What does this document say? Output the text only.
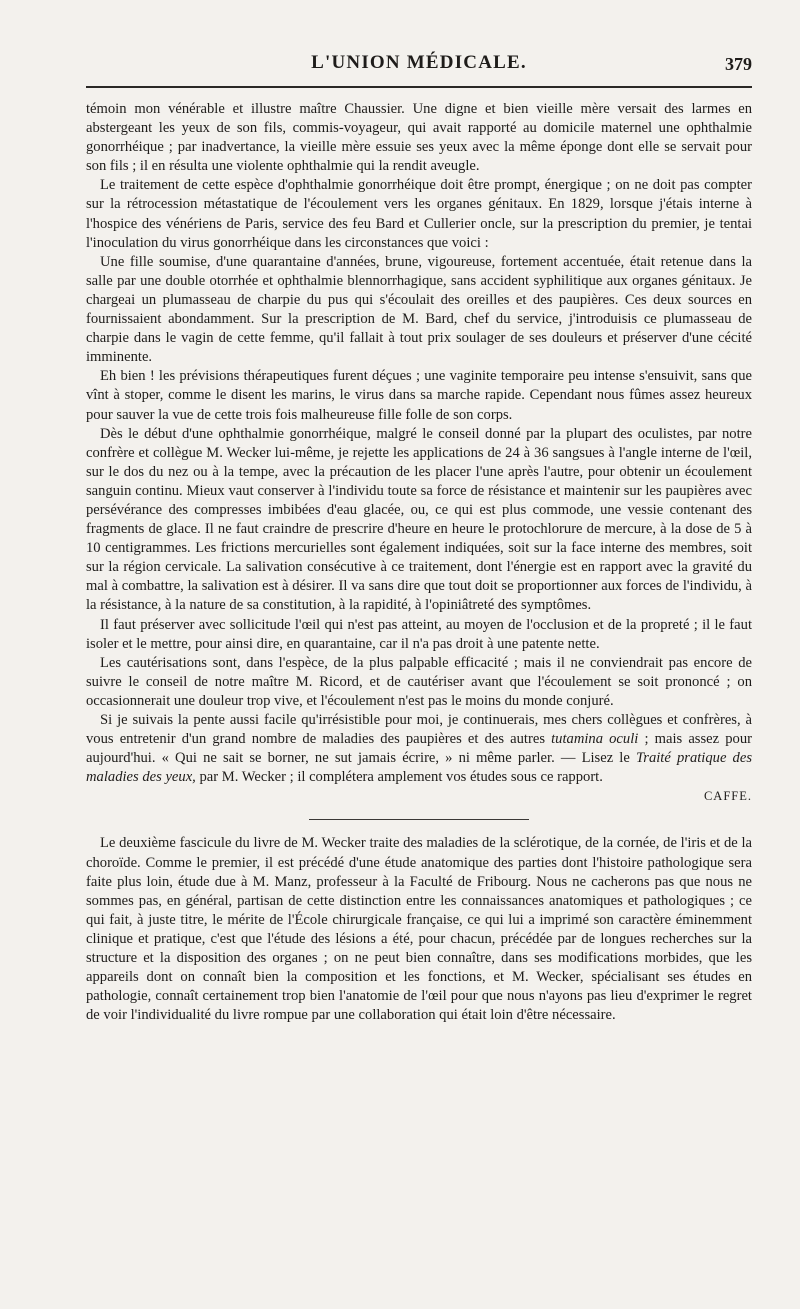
L'UNION MÉDICALE.	379

témoin mon vénérable et illustre maître Chaussier. Une digne et bien vieille mère versait des larmes en abstergeant les yeux de son fils, commis-voyageur, qui avait rapporté au domicile maternel une ophthalmie gonorrhéique ; par inadvertance, la vieille mère essuie ses yeux avec la même éponge dont elle se servait pour son fils ; il en résulta une violente ophthalmie qui la rendit aveugle.

Le traitement de cette espèce d'ophthalmie gonorrhéique doit être prompt, énergique ; on ne doit pas compter sur la rétrocession métastatique de l'écoulement vers les organes génitaux. En 1829, lorsque j'étais interne à l'hospice des vénériens de Paris, service des feu Bard et Cullerier oncle, sur la prescription du premier, je tentai l'inoculation du virus gonorrhéique dans les circonstances que voici :

Une fille soumise, d'une quarantaine d'années, brune, vigoureuse, fortement accentuée, était retenue dans la salle par une double otorrhée et ophthalmie blennorrhagique, sans accident syphilitique aux organes génitaux. Je chargeai un plumasseau de charpie du pus qui s'écoulait des oreilles et des paupières. Ces deux sources en fournissaient abondamment. Sur la prescription de M. Bard, chef du service, j'introduisis ce plumasseau de charpie dans le vagin de cette femme, qu'il fallait à tout prix soulager de ses douleurs et préserver d'une cécité imminente.

Eh bien ! les prévisions thérapeutiques furent déçues ; une vaginite temporaire peu intense s'ensuivit, sans que vînt à stoper, comme le disent les marins, le virus dans sa marche rapide. Cependant nous fûmes assez heureux pour sauver la vue de cette trois fois malheureuse fille folle de son corps.

Dès le début d'une ophthalmie gonorrhéique, malgré le conseil donné par la plupart des oculistes, par notre confrère et collègue M. Wecker lui-même, je rejette les applications de 24 à 36 sangsues à l'angle interne de l'œil, sur le dos du nez ou à la tempe, avec la précaution de les placer l'une après l'autre, pour obtenir un écoulement sanguin continu. Mieux vaut conserver à l'individu toute sa force de résistance et maintenir sur les paupières avec persévérance des compresses imbibées d'eau glacée, ou, ce qui est plus commode, une vessie contenant des fragments de glace. Il ne faut craindre de prescrire d'heure en heure le protochlorure de mercure, à la dose de 5 à 10 centigrammes. Les frictions mercurielles sont également indiquées, soit sur la face interne des membres, soit sur la région cervicale. La salivation consécutive à ce traitement, dont l'énergie est en rapport avec la gravité du mal à combattre, la salivation est à désirer. Il va sans dire que tout doit se proportionner aux forces de l'individu, à la résistance, à la nature de sa constitution, à la rapidité, à l'opiniâtreté des symptômes.

Il faut préserver avec sollicitude l'œil qui n'est pas atteint, au moyen de l'occlusion et de la propreté ; il le faut isoler et le mettre, pour ainsi dire, en quarantaine, car il n'a pas droit à une patente nette.

Les cautérisations sont, dans l'espèce, de la plus palpable efficacité ; mais il ne conviendrait pas encore de suivre le conseil de notre maître M. Ricord, et de cautériser avant que l'écoulement se soit prononcé ; on occasionnerait une douleur trop vive, et l'écoulement n'est pas le moins du monde conjuré.

Si je suivais la pente aussi facile qu'irrésistible pour moi, je continuerais, mes chers collègues et confrères, à vous entretenir d'un grand nombre de maladies des paupières et des autres tutamina oculi ; mais assez pour aujourd'hui. « Qui ne sait se borner, ne sut jamais écrire, » ni même parler. — Lisez le Traité pratique des maladies des yeux, par M. Wecker ; il complétera amplement vos études sous ce rapport.

CAFFE.

Le deuxième fascicule du livre de M. Wecker traite des maladies de la sclérotique, de la cornée, de l'iris et de la choroïde. Comme le premier, il est précédé d'une étude anatomique des parties dont l'histoire pathologique sera faite plus loin, étude due à M. Manz, professeur à la Faculté de Fribourg. Nous ne cacherons pas que nous ne sommes pas, en général, partisan de cette distinction entre les connaissances anatomiques et pathologiques ; ce qui fait, à juste titre, le mérite de l'École chirurgicale française, ce qui lui a imprimé son caractère éminemment clinique et pratique, c'est que l'étude des lésions a été, pour chacun, précédée par de longues recherches sur la structure et la disposition des organes ; on ne peut bien connaître, dans ses modifications morbides, que les appareils dont on connaît bien la composition et les fonctions, et M. Wecker, spécialisant ses études en pathologie, connaît certainement trop bien l'anatomie de l'œil pour que nous n'ayons pas lieu d'exprimer le regret de voir l'individualité du livre rompue par une collaboration qui était loin d'être nécessaire.
